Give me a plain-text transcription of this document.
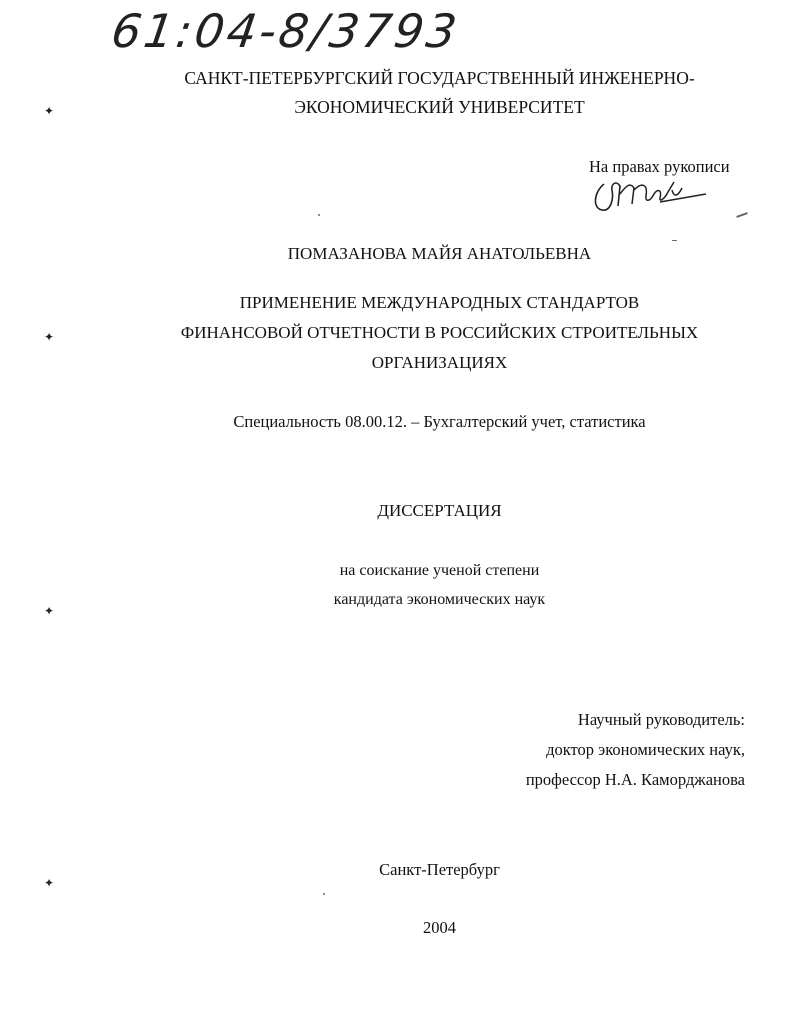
61:04-8/3793
САНКТ-ПЕТЕРБУРГСКИЙ ГОСУДАРСТВЕННЫЙ ИНЖЕНЕРНО-
ЭКОНОМИЧЕСКИЙ УНИВЕРСИТЕТ
На правах рукописи
ПОМАЗАНОВА МАЙЯ АНАТОЛЬЕВНА
ПРИМЕНЕНИЕ МЕЖДУНАРОДНЫХ СТАНДАРТОВ
ФИНАНСОВОЙ ОТЧЕТНОСТИ В РОССИЙСКИХ СТРОИТЕЛЬНЫХ
ОРГАНИЗАЦИЯХ
Специальность 08.00.12. – Бухгалтерский учет, статистика
ДИССЕРТАЦИЯ
на соискание ученой степени
кандидата экономических наук
Научный руководитель:
доктор экономических наук,
профессор Н.А. Каморджанова
Санкт-Петербург
2004
✦
✦
✦
✦
